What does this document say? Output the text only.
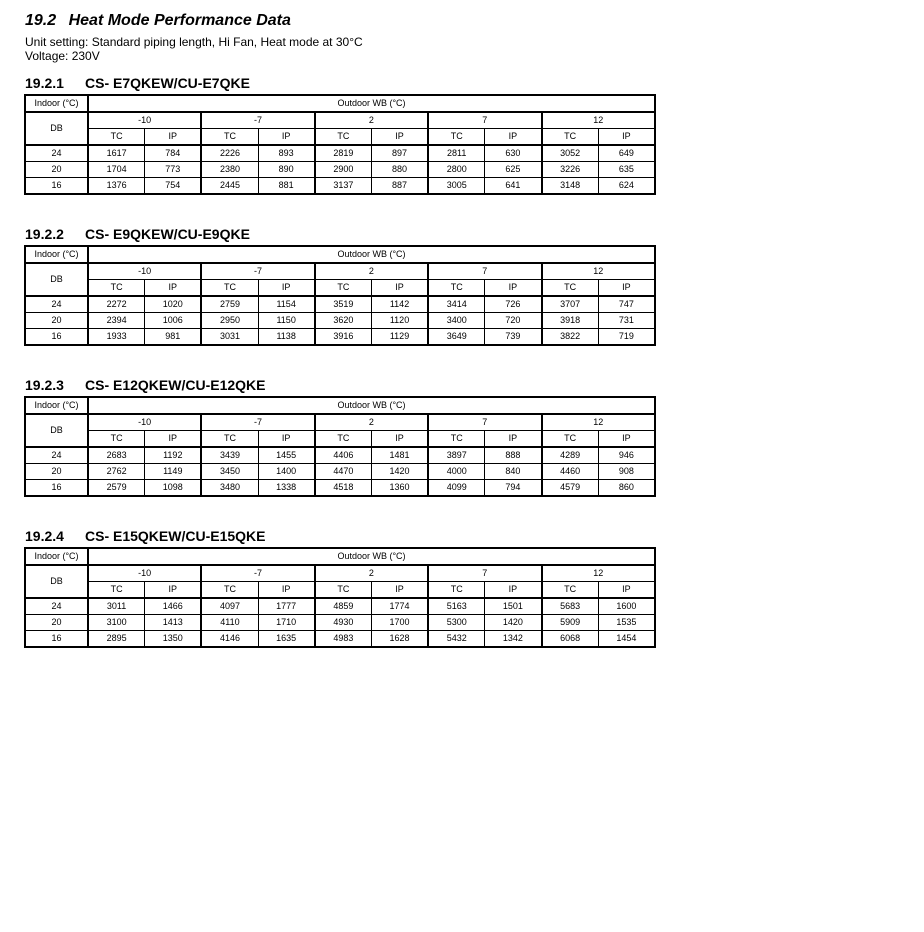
19.2 Heat Mode Performance Data
Unit setting: Standard piping length, Hi Fan, Heat mode at 30°C
Voltage: 230V
19.2.1 CS- E7QKEW/CU-E7QKE
Indoor (°C)	Outdoor WB (°C)									
DB	-10		-7		2		7		12	
	TC	IP	TC	IP	TC	IP	TC	IP	TC	IP
24	1617	784	2226	893	2819	897	2811	630	3052	649
20	1704	773	2380	890	2900	880	2800	625	3226	635
16	1376	754	2445	881	3137	887	3005	641	3148	624
19.2.2 CS- E9QKEW/CU-E9QKE
Indoor (°C)	Outdoor WB (°C)									
DB	-10		-7		2		7		12	
	TC	IP	TC	IP	TC	IP	TC	IP	TC	IP
24	2272	1020	2759	1154	3519	1142	3414	726	3707	747
20	2394	1006	2950	1150	3620	1120	3400	720	3918	731
16	1933	981	3031	1138	3916	1129	3649	739	3822	719
19.2.3 CS- E12QKEW/CU-E12QKE
Indoor (°C)	Outdoor WB (°C)									
DB	-10		-7		2		7		12	
	TC	IP	TC	IP	TC	IP	TC	IP	TC	IP
24	2683	1192	3439	1455	4406	1481	3897	888	4289	946
20	2762	1149	3450	1400	4470	1420	4000	840	4460	908
16	2579	1098	3480	1338	4518	1360	4099	794	4579	860
19.2.4 CS- E15QKEW/CU-E15QKE
Indoor (°C)	Outdoor WB (°C)									
DB	-10		-7		2		7		12	
	TC	IP	TC	IP	TC	IP	TC	IP	TC	IP
24	3011	1466	4097	1777	4859	1774	5163	1501	5683	1600
20	3100	1413	4110	1710	4930	1700	5300	1420	5909	1535
16	2895	1350	4146	1635	4983	1628	5432	1342	6068	1454
